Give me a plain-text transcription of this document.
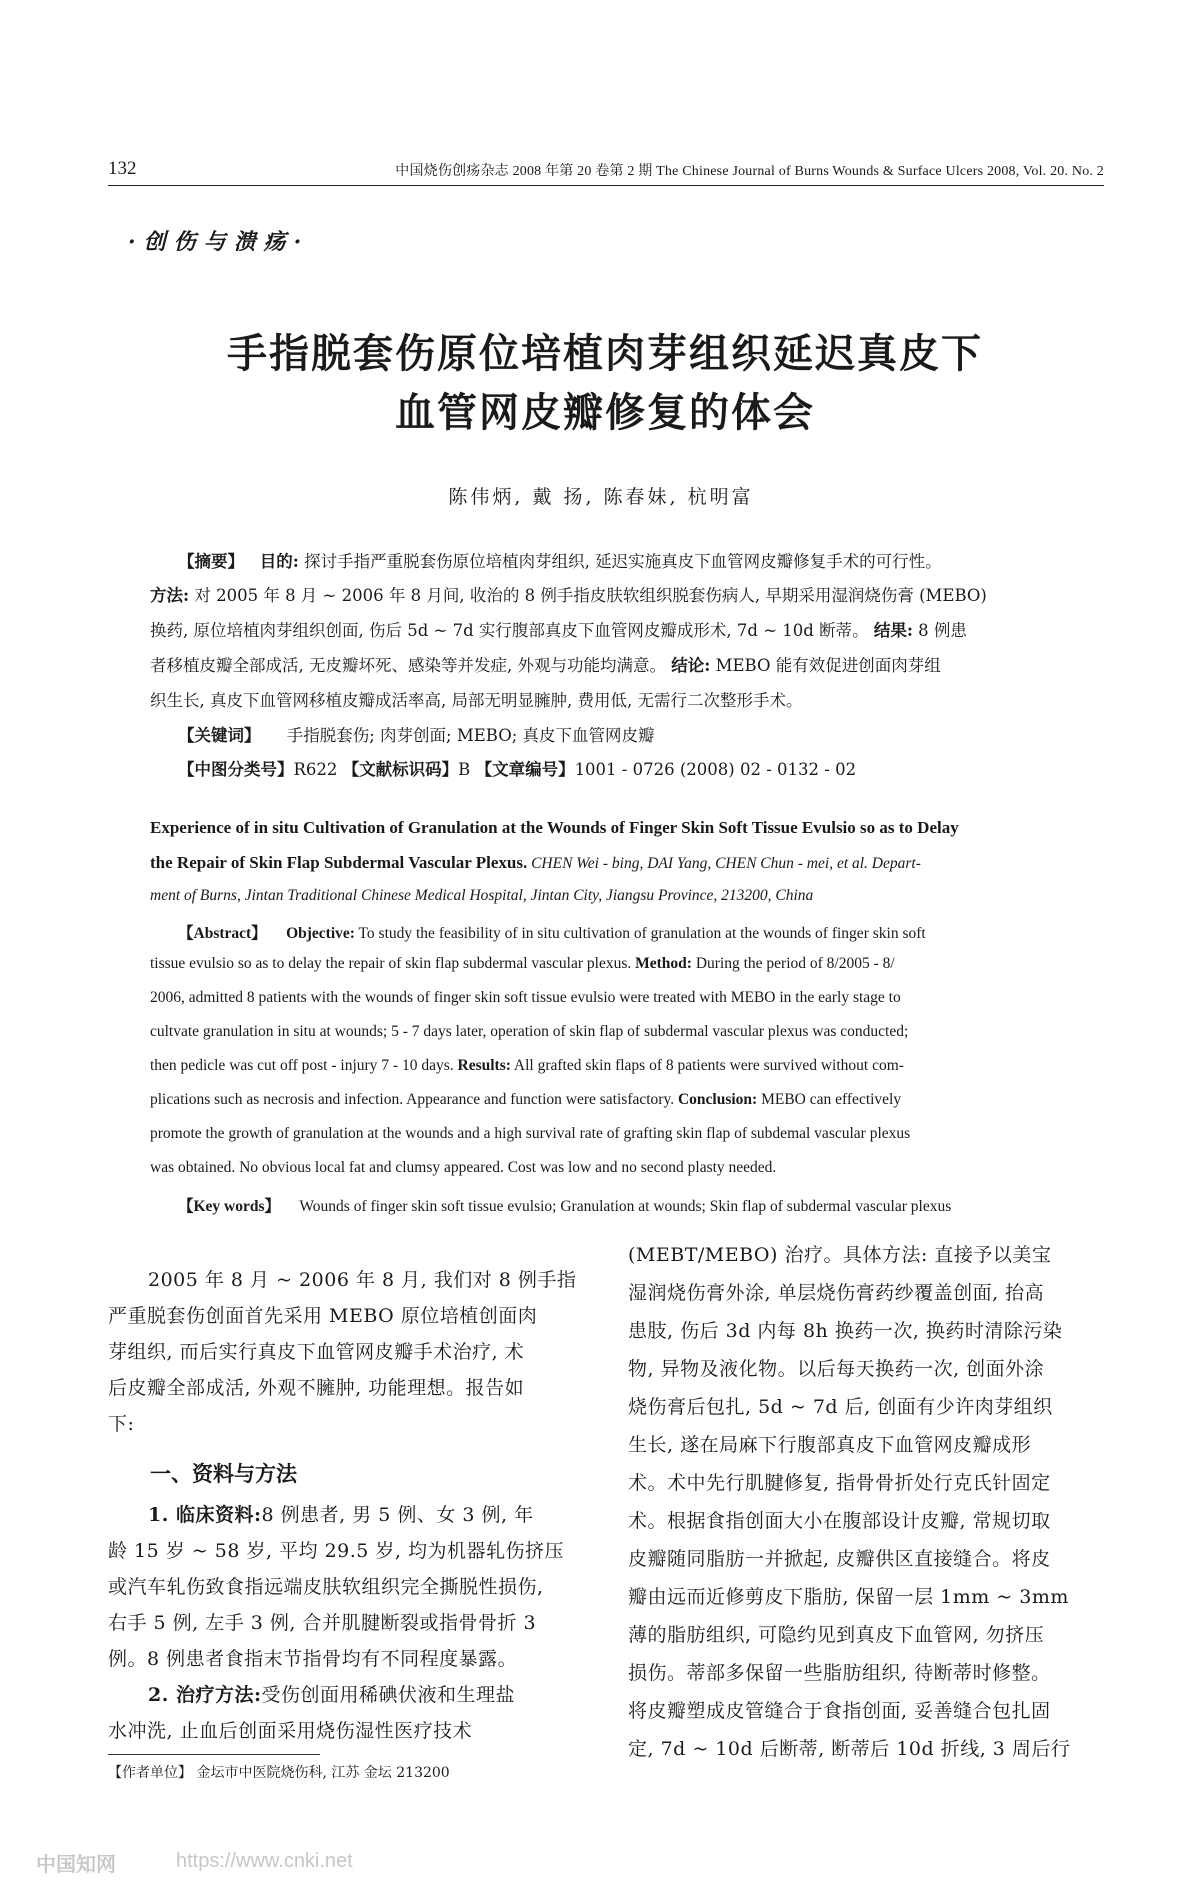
132	中国烧伤创疡杂志 2008 年第 20 卷第 2 期 The Chinese Journal of Burns Wounds & Surface Ulcers 2008, Vol. 20. No. 2
·创伤与溃疡·
手指脱套伤原位培植肉芽组织延迟真皮下
血管网皮瓣修复的体会
陈伟炳, 戴 扬, 陈春妹, 杭明富
【摘要】 目的: 探讨手指严重脱套伤原位培植肉芽组织, 延迟实施真皮下血管网皮瓣修复手术的可行性。
方法: 对 2005 年 8 月 ~ 2006 年 8 月间, 收治的 8 例手指皮肤软组织脱套伤病人, 早期采用湿润烧伤膏 (MEBO)
换药, 原位培植肉芽组织创面, 伤后 5d ~ 7d 实行腹部真皮下血管网皮瓣成形术, 7d ~ 10d 断蒂。 结果: 8 例患
者移植皮瓣全部成活, 无皮瓣坏死、感染等并发症, 外观与功能均满意。 结论: MEBO 能有效促进创面肉芽组
织生长, 真皮下血管网移植皮瓣成活率高, 局部无明显臃肿, 费用低, 无需行二次整形手术。
【关键词】 手指脱套伤; 肉芽创面; MEBO; 真皮下血管网皮瓣
【中图分类号】R622 【文献标识码】B 【文章编号】1001 - 0726 (2008) 02 - 0132 - 02
Experience of in situ Cultivation of Granulation at the Wounds of Finger Skin Soft Tissue Evulsio so as to Delay
the Repair of Skin Flap Subdermal Vascular Plexus. CHEN Wei - bing, DAI Yang, CHEN Chun - mei, et al. Depart-
ment of Burns, Jintan Traditional Chinese Medical Hospital, Jintan City, Jiangsu Province, 213200, China
【Abstract】 Objective: To study the feasibility of in situ cultivation of granulation at the wounds of finger skin soft
tissue evulsio so as to delay the repair of skin flap subdermal vascular plexus. Method: During the period of 8/2005 - 8/
2006, admitted 8 patients with the wounds of finger skin soft tissue evulsio were treated with MEBO in the early stage to
cultvate granulation in situ at wounds; 5 - 7 days later, operation of skin flap of subdermal vascular plexus was conducted;
then pedicle was cut off post - injury 7 - 10 days. Results: All grafted skin flaps of 8 patients were survived without com-
plications such as necrosis and infection. Appearance and function were satisfactory. Conclusion: MEBO can effectively
promote the growth of granulation at the wounds and a high survival rate of grafting skin flap of subdemal vascular plexus
was obtained. No obvious local fat and clumsy appeared. Cost was low and no second plasty needed.
【Key words】 Wounds of finger skin soft tissue evulsio; Granulation at wounds; Skin flap of subdermal vascular plexus
2005 年 8 月 ~ 2006 年 8 月, 我们对 8 例手指
严重脱套伤创面首先采用 MEBO 原位培植创面肉
芽组织, 而后实行真皮下血管网皮瓣手术治疗, 术
后皮瓣全部成活, 外观不臃肿, 功能理想。报告如
下:
一、资料与方法
1. 临床资料:8 例患者, 男 5 例、女 3 例, 年
龄 15 岁 ~ 58 岁, 平均 29.5 岁, 均为机器轧伤挤压
或汽车轧伤致食指远端皮肤软组织完全撕脱性损伤,
右手 5 例, 左手 3 例, 合并肌腱断裂或指骨骨折 3
例。8 例患者食指末节指骨均有不同程度暴露。
2. 治疗方法:受伤创面用稀碘伏液和生理盐
水冲洗, 止血后创面采用烧伤湿性医疗技术
(MEBT/MEBO) 治疗。具体方法: 直接予以美宝
湿润烧伤膏外涂, 单层烧伤膏药纱覆盖创面, 抬高
患肢, 伤后 3d 内每 8h 换药一次, 换药时清除污染
物, 异物及液化物。以后每天换药一次, 创面外涂
烧伤膏后包扎, 5d ~ 7d 后, 创面有少许肉芽组织
生长, 遂在局麻下行腹部真皮下血管网皮瓣成形
术。术中先行肌腱修复, 指骨骨折处行克氏针固定
术。根据食指创面大小在腹部设计皮瓣, 常规切取
皮瓣随同脂肪一并掀起, 皮瓣供区直接缝合。将皮
瓣由远而近修剪皮下脂肪, 保留一层 1mm ~ 3mm
薄的脂肪组织, 可隐约见到真皮下血管网, 勿挤压
损伤。蒂部多保留一些脂肪组织, 待断蒂时修整。
将皮瓣塑成皮管缝合于食指创面, 妥善缝合包扎固
定, 7d ~ 10d 后断蒂, 断蒂后 10d 折线, 3 周后行
【作者单位】 金坛市中医院烧伤科, 江苏 金坛 213200
中国知网	https://www.cnki.net
